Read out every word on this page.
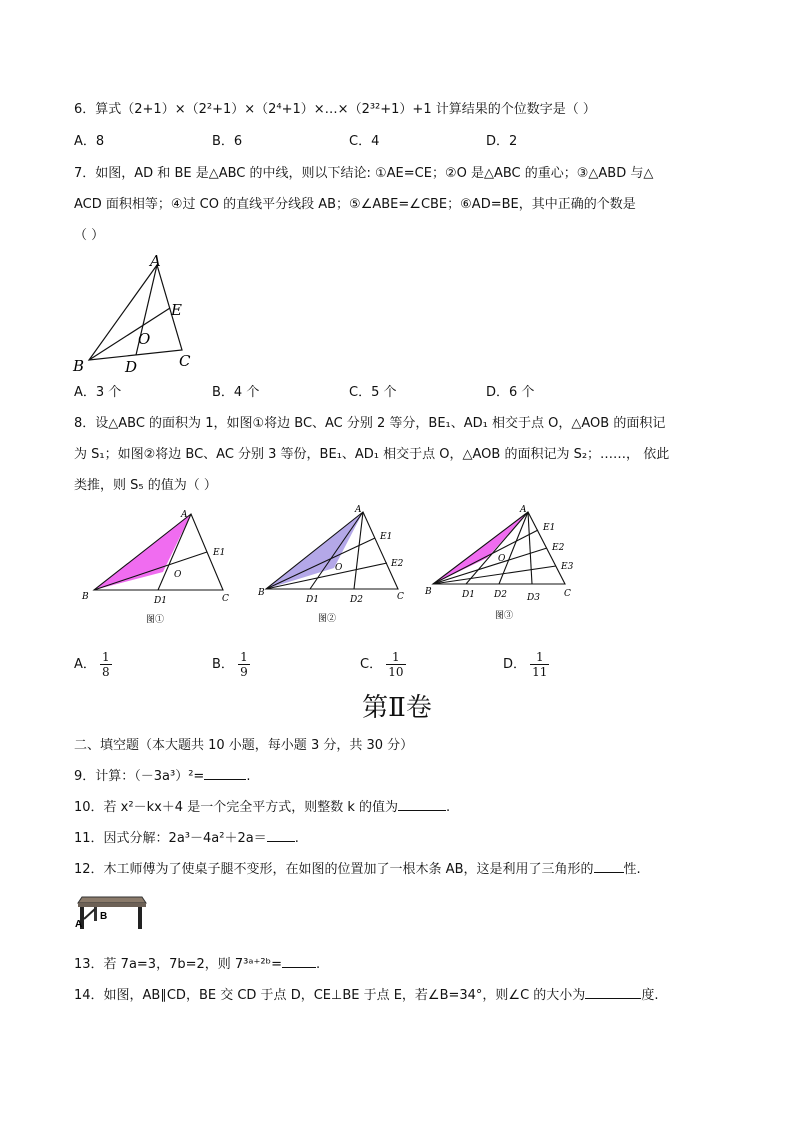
6．算式（2+1）×（2²+1）×（2⁴+1）×…×（2³²+1）+1 计算结果的个位数字是（ ）
A．8	B．6	C．4	D．2
7．如图，AD 和 BE 是△ABC 的中线，则以下结论: ①AE=CE；②O 是△ABC 的重心；③△ABD 与△
ACD 面积相等；④过 CO 的直线平分线段 AB；⑤∠ABE=∠CBE；⑥AD=BE，其中正确的个数是
（ ）
A
B	C
D
E
O
A．3 个	B．4 个	C．5 个	D．6 个
8．设△ABC 的面积为 1，如图①将边 BC、AC 分别 2 等分，BE₁、AD₁ 相交于点 O，△AOB 的面积记
为 S₁；如图②将边 BC、AC 分别 3 等份，BE₁、AD₁ 相交于点 O，△AOB 的面积记为 S₂；……， 依此
类推，则 S₅ 的值为（ ）
A
B	C
D1
E1
O
图①
A
B	C
D1	D2
E1
E2
O
图②
A
B	C
D1 D2 D3
E1
E2
E3
O
图③
A． $\frac{1}{8}$	B． $\frac{1}{9}$	C． $\frac{1}{10}$	D． $\frac{1}{11}$
第Ⅱ卷
二、填空题（本大题共 10 小题，每小题 3 分，共 30 分）
9．计算：（－3a³）²=	.
10．若 x²－kx＋4 是一个完全平方式，则整数 k 的值为	.
11．因式分解：2a³－4a²＋2a＝ .
12．木工师傅为了使桌子腿不变形，在如图的位置加了一根木条 AB，这是利用了三角形的 性.
A
B
13．若 7a=3，7b=2，则 7³ᵃ⁺²ᵇ=	.
14．如图，AB∥CD，BE 交 CD 于点 D，CE⊥BE 于点 E，若∠B=34°，则∠C 的大小为	度.
